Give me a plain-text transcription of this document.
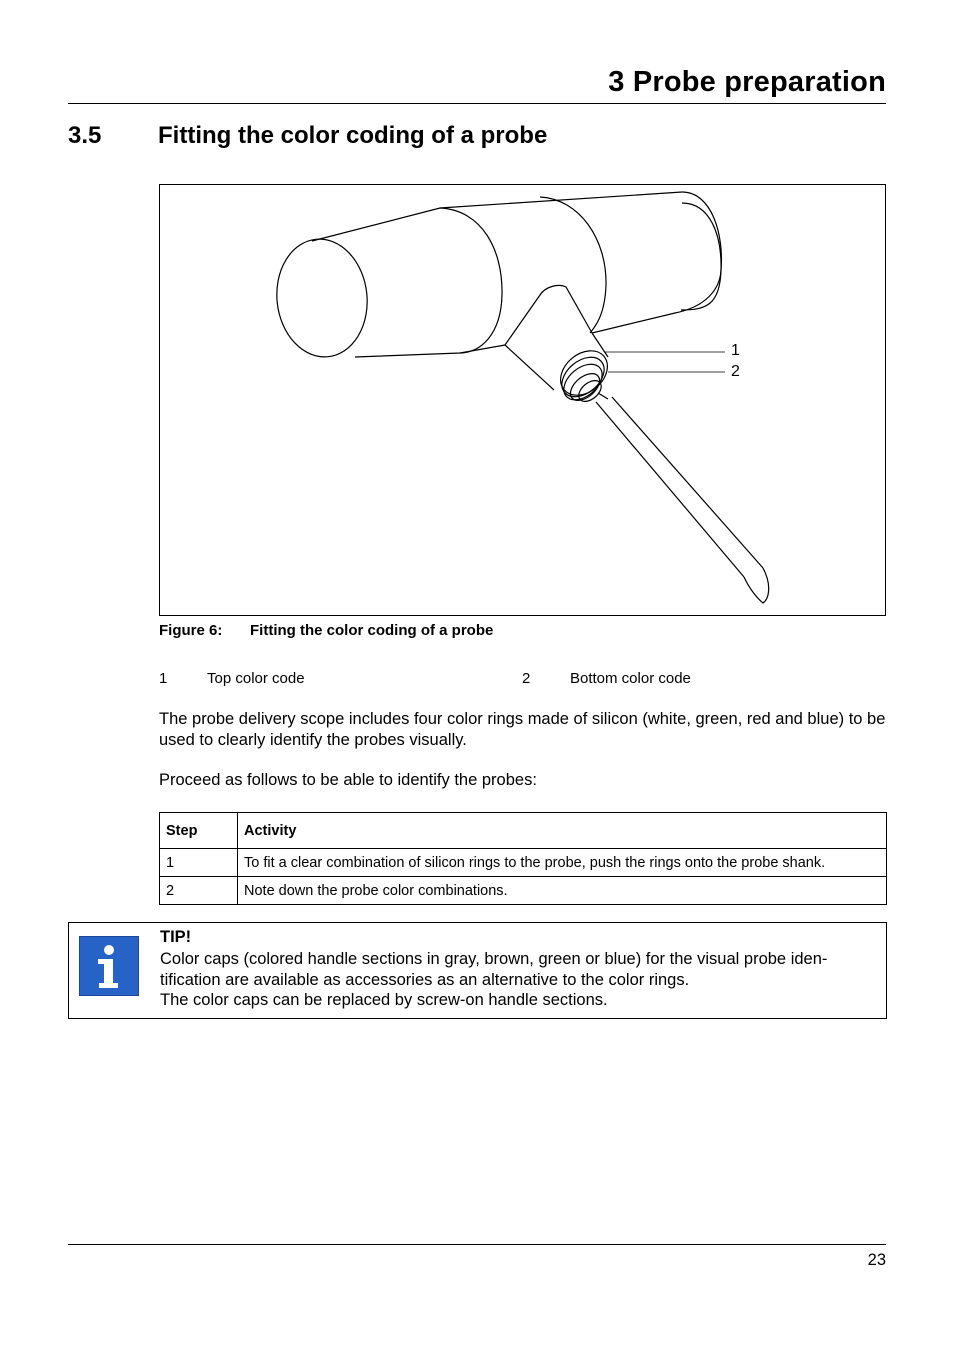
3 Probe preparation
3.5 Fitting the color coding of a probe
1
2
Figure 6: Fitting the color coding of a probe
1	Top color code	2	Bottom color code
The probe delivery scope includes four color rings made of silicon (white, green, red and blue) to be used to clearly identify the probes visually.
Proceed as follows to be able to identify the probes:
Step	Activity
1	To fit a clear combination of silicon rings to the probe, push the rings onto the probe shank.
2	Note down the probe color combinations.
TIP!
Color caps (colored handle sections in gray, brown, green or blue) for the visual probe iden-tification are available as accessories as an alternative to the color rings.
The color caps can be replaced by screw-on handle sections.
23
